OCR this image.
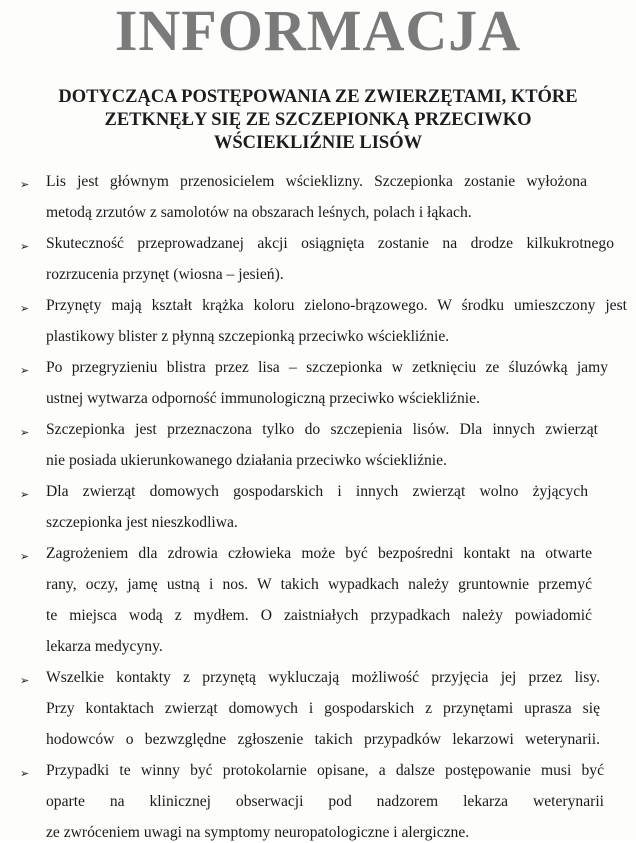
INFORMACJA
DOTYCZĄCA POSTĘPOWANIA ZE ZWIERZĘTAMI, KTÓRE
ZETKNĘŁY SIĘ ZE SZCZEPIONKĄ PRZECIWKO
WŚCIEKLIŹNIE LISÓW
➢ Lis jest głównym przenosicielem wścieklizny. Szczepionka zostanie wyłożona
metodą zrzutów z samolotów na obszarach leśnych, polach i łąkach.
➢ Skuteczność przeprowadzanej akcji osiągnięta zostanie na drodze kilkukrotnego
rozrzucenia przynęt (wiosna – jesień).
➢ Przynęty mają kształt krążka koloru zielono-brązowego. W środku umieszczony jest
plastikowy blister z płynną szczepionką przeciwko wściekliźnie.
➢ Po przegryzieniu blistra przez lisa – szczepionka w zetknięciu ze śluzówką jamy
ustnej wytwarza odporność immunologiczną przeciwko wściekliźnie.
➢ Szczepionka jest przeznaczona tylko do szczepienia lisów. Dla innych zwierząt
nie posiada ukierunkowanego działania przeciwko wściekliźnie.
➢ Dla zwierząt domowych gospodarskich i innych zwierząt wolno żyjących
szczepionka jest nieszkodliwa.
➢ Zagrożeniem dla zdrowia człowieka może być bezpośredni kontakt na otwarte
rany, oczy, jamę ustną i nos. W takich wypadkach należy gruntownie przemyć
te miejsca wodą z mydłem. O zaistniałych przypadkach należy powiadomić
lekarza medycyny.
➢ Wszelkie kontakty z przynętą wykluczają możliwość przyjęcia jej przez lisy.
Przy kontaktach zwierząt domowych i gospodarskich z przynętami uprasza się
hodowców o bezwzględne zgłoszenie takich przypadków lekarzowi weterynarii.
➢ Przypadki te winny być protokolarnie opisane, a dalsze postępowanie musi być
oparte na klinicznej obserwacji pod nadzorem lekarza weterynarii
ze zwróceniem uwagi na symptomy neuropatologiczne i alergiczne.
